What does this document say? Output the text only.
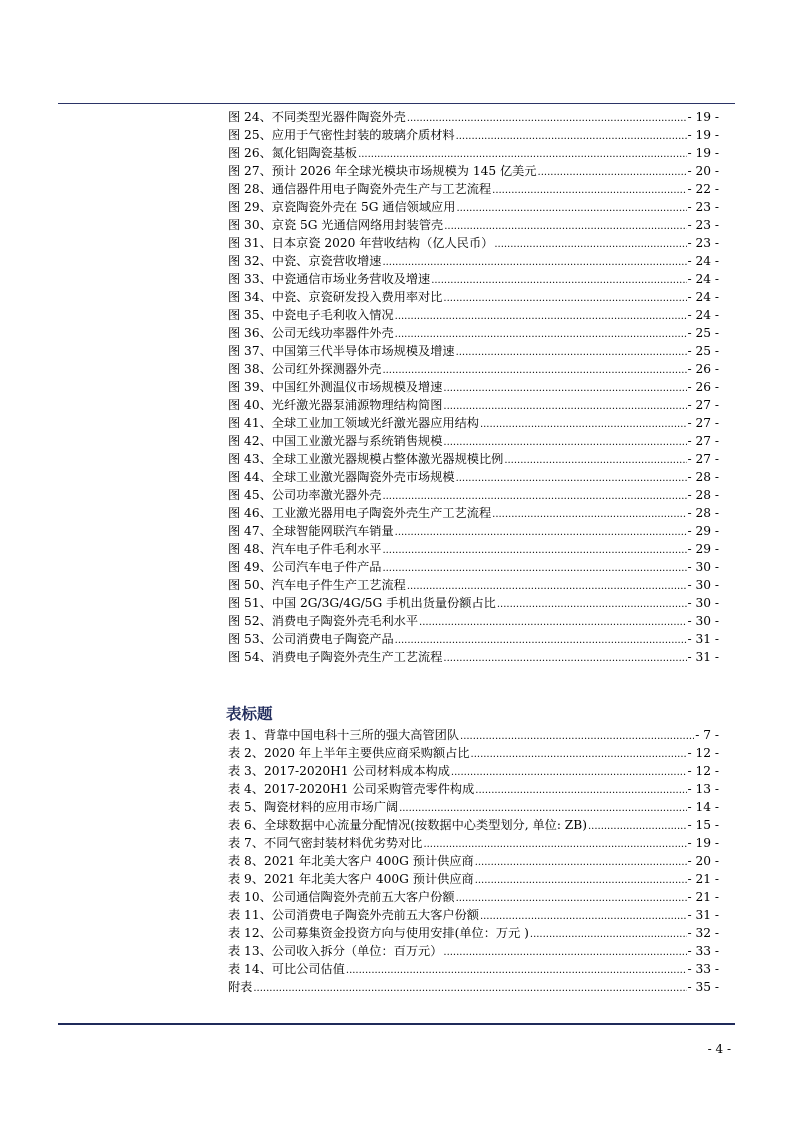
图 24、不同类型光器件陶瓷外壳 .....	- 19 -
图 25、应用于气密性封装的玻璃介质材料 .....	- 19 -
图 26、氮化铝陶瓷基板 .....	- 19 -
图 27、预计 2026 年全球光模块市场规模为 145 亿美元 .....	- 20 -
图 28、通信器件用电子陶瓷外壳生产与工艺流程 .....	- 22 -
图 29、京瓷陶瓷外壳在 5G 通信领域应用 .....	- 23 -
图 30、京瓷 5G 光通信网络用封装管壳 .....	- 23 -
图 31、日本京瓷 2020 年营收结构（亿人民币） .....	- 23 -
图 32、中瓷、京瓷营收增速 .....	- 24 -
图 33、中瓷通信市场业务营收及增速 .....	- 24 -
图 34、中瓷、京瓷研发投入费用率对比 .....	- 24 -
图 35、中瓷电子毛利收入情况 .....	- 24 -
图 36、公司无线功率器件外壳 .....	- 25 -
图 37、中国第三代半导体市场规模及增速 .....	- 25 -
图 38、公司红外探测器外壳 .....	- 26 -
图 39、中国红外测温仪市场规模及增速 .....	- 26 -
图 40、光纤激光器泵浦源物理结构简图 .....	- 27 -
图 41、全球工业加工领域光纤激光器应用结构 .....	- 27 -
图 42、中国工业激光器与系统销售规模 .....	- 27 -
图 43、全球工业激光器规模占整体激光器规模比例 .....	- 27 -
图 44、全球工业激光器陶瓷外壳市场规模 .....	- 28 -
图 45、公司功率激光器外壳 .....	- 28 -
图 46、工业激光器用电子陶瓷外壳生产工艺流程 .....	- 28 -
图 47、全球智能网联汽车销量 .....	- 29 -
图 48、汽车电子件毛利水平 .....	- 29 -
图 49、公司汽车电子件产品 .....	- 30 -
图 50、汽车电子件生产工艺流程 .....	- 30 -
图 51、中国 2G/3G/4G/5G 手机出货量份额占比 .....	- 30 -
图 52、消费电子陶瓷外壳毛利水平 .....	- 30 -
图 53、公司消费电子陶瓷产品 .....	- 31 -
图 54、消费电子陶瓷外壳生产工艺流程 .....	- 31 -
表标题
表 1、背靠中国电科十三所的强大高管团队 .....	- 7 -
表 2、2020 年上半年主要供应商采购额占比 .....	- 12 -
表 3、2017-2020H1 公司材料成本构成 .....	- 12 -
表 4、2017-2020H1 公司采购管壳零件构成 .....	- 13 -
表 5、陶瓷材料的应用市场广阔 .....	- 14 -
表 6、全球数据中心流量分配情况(按数据中心类型划分, 单位: ZB) .....	- 15 -
表 7、不同气密封装材料优劣势对比 .....	- 19 -
表 8、2021 年北美大客户 400G 预计供应商 .....	- 20 -
表 9、2021 年北美大客户 400G 预计供应商 .....	- 21 -
表 10、公司通信陶瓷外壳前五大客户份额 .....	- 21 -
表 11、公司消费电子陶瓷外壳前五大客户份额 .....	- 31 -
表 12、公司募集资金投资方向与使用安排(单位：万元 ) .....	- 32 -
表 13、公司收入拆分（单位：百万元） .....	- 33 -
表 14、可比公司估值 .....	- 33 -
附表 .....	- 35 -
- 4 -
